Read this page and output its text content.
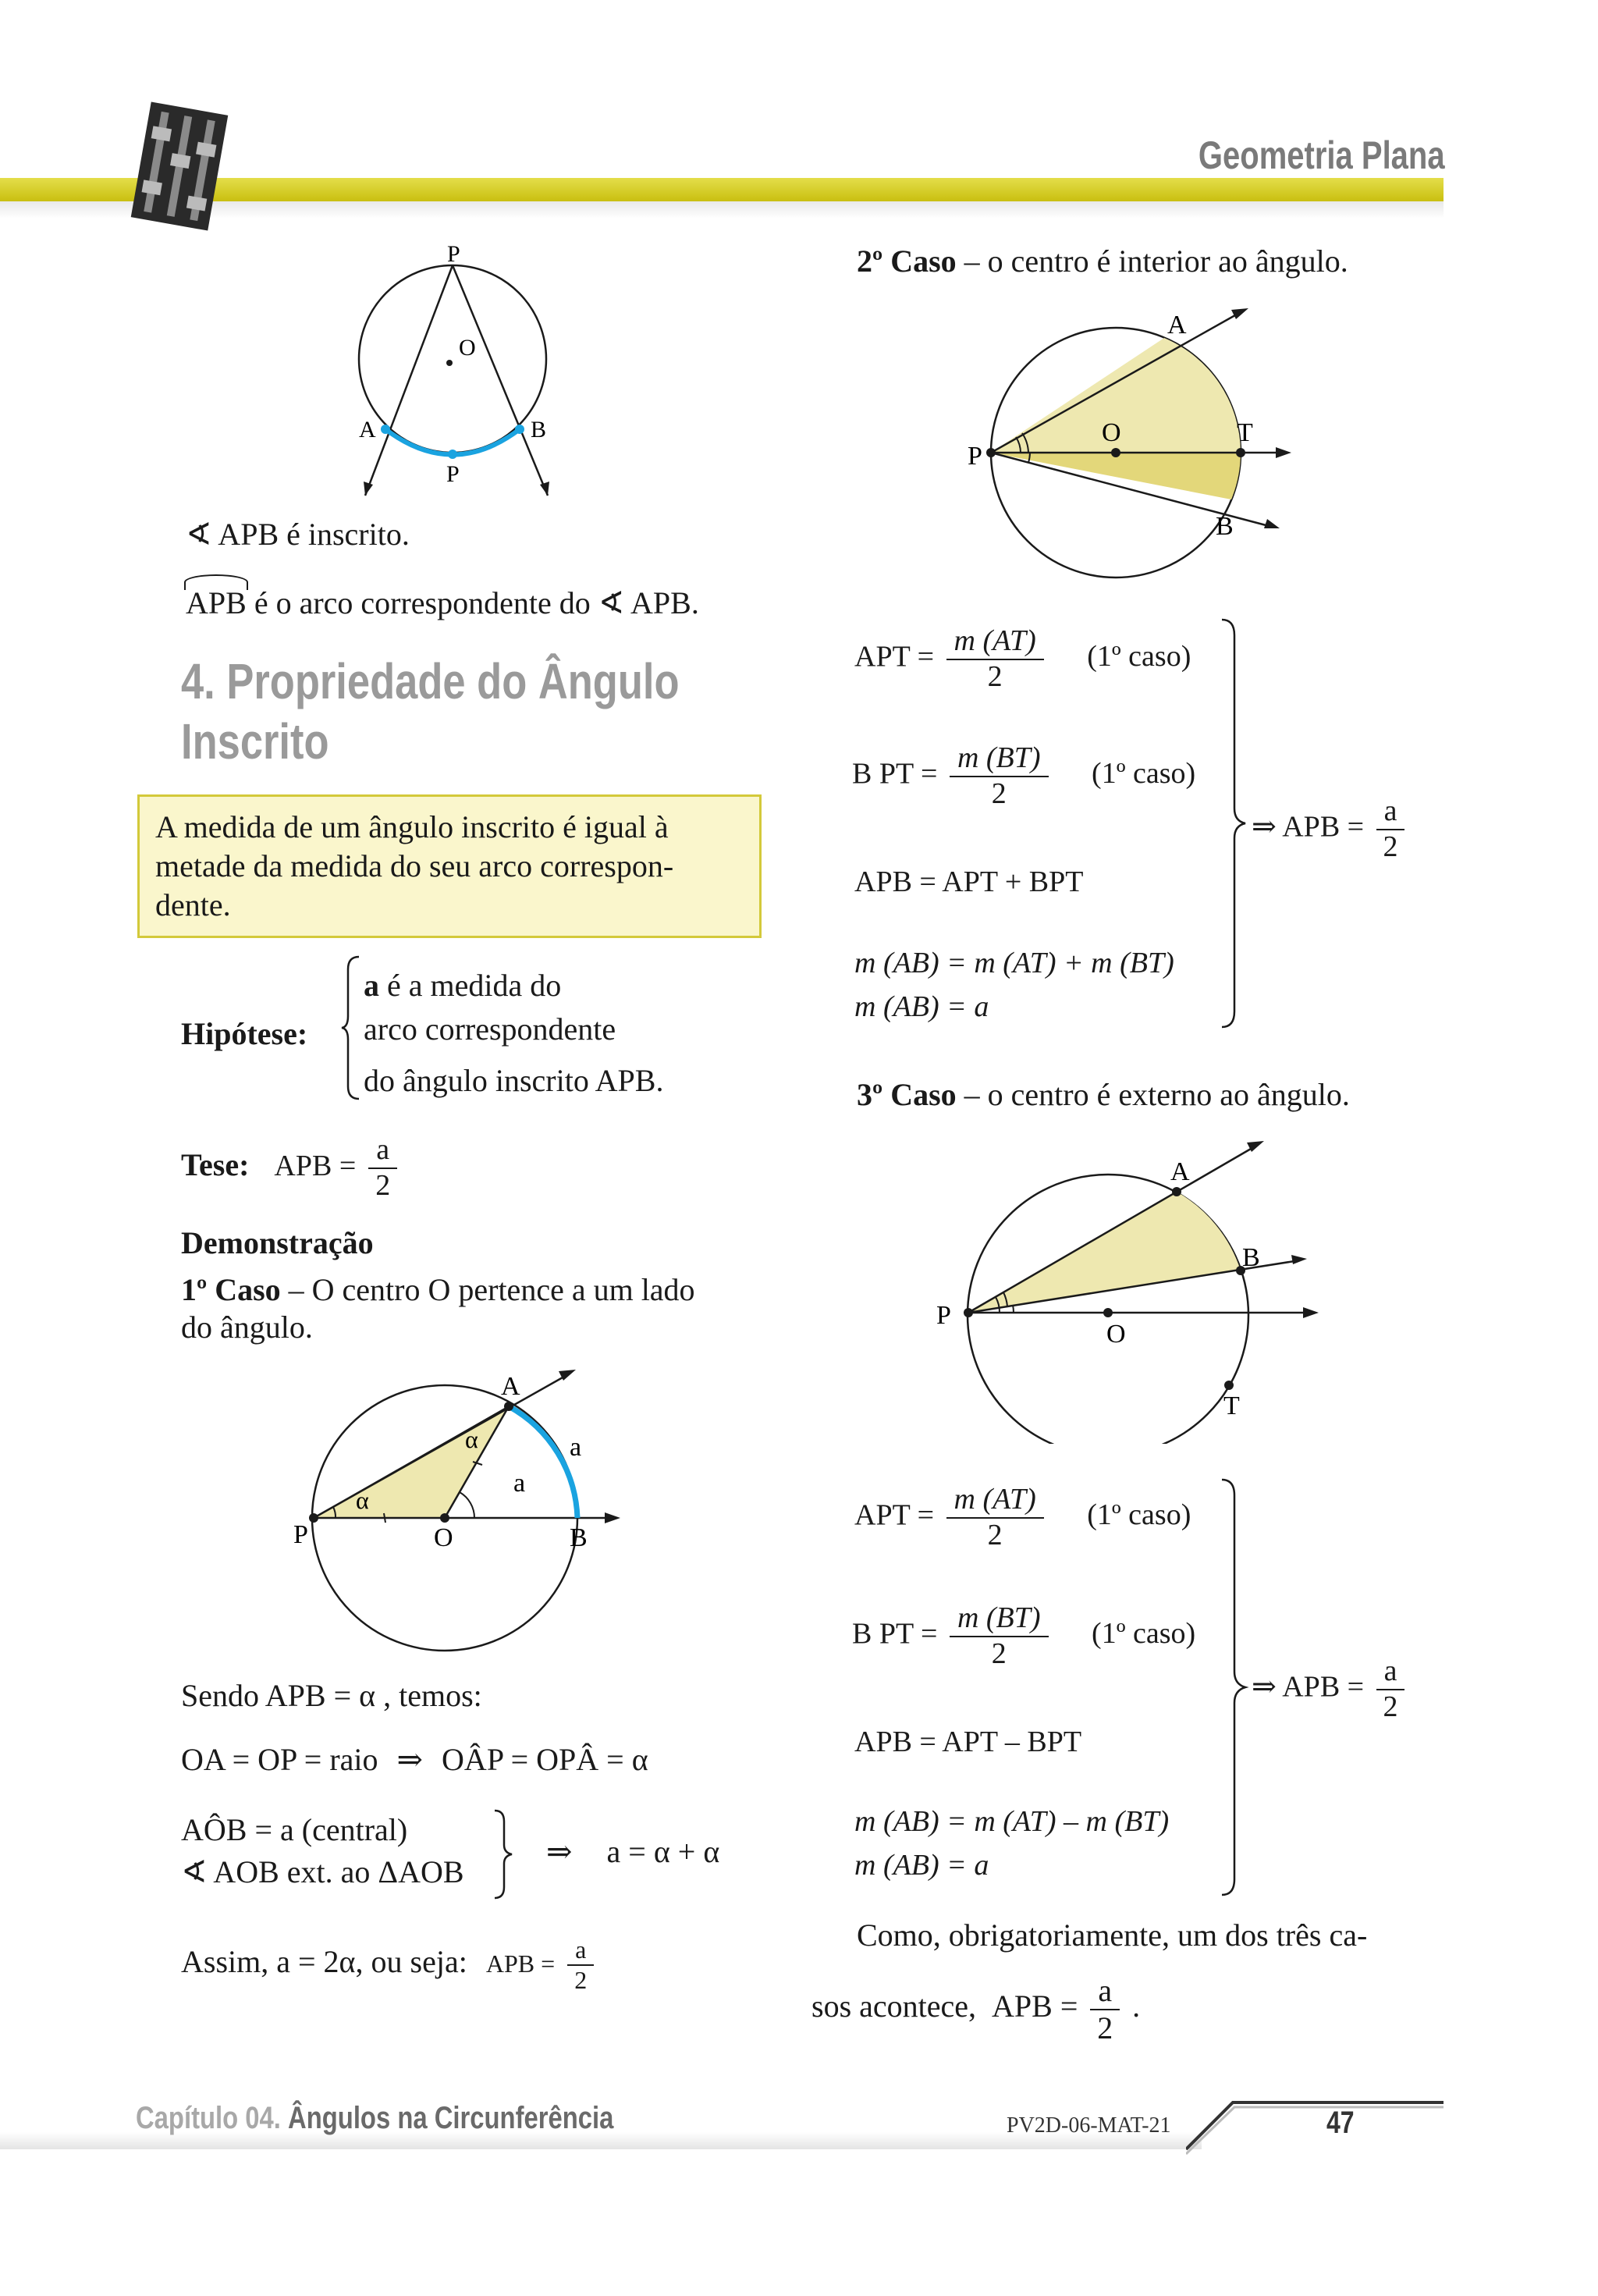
Geometria Plana
P
O
A	B
P
∢ APB é inscrito.
APB é o arco correspondente do ∢ APB.
4. Propriedade do Ângulo
Inscrito
A medida de um ângulo inscrito é igual à
metade da medida do seu arco correspon-
dente.
Hipótese:
a é a medida do
arco correspondente
do ângulo inscrito APB.
Tese: APB = $\frac{a}{2}$
Demonstração
1º Caso – O centro O pertence a um lado
do ângulo.
A
P	O	B
α
α
a
a
Sendo APB = α , temos:
OA = OP = raio ⇒ OÂP = OPÂ = α
AÔB = a (central)
∢ AOB ext. ao ΔAOB
⇒ a = α + α
Assim, a = 2α, ou seja: APB = $\frac{a}{2}$
2º Caso – o centro é interior ao ângulo.
A
P
O	T
B
APT = $\frac{m (AT)}{2}$ (1º caso)
B PT = $\frac{m (BT)}{2}$ (1º caso)
APB = APT + BPT
m (AB) = m (AT) + m (BT)
m (AB) = a
⇒ APB = $\frac{a}{2}$
3º Caso – o centro é externo ao ângulo.
A
B
P
O
T
APT = $\frac{m (AT)}{2}$ (1º caso)
B PT = $\frac{m (BT)}{2}$ (1º caso)
APB = APT – BPT
m (AB) = m (AT) – m (BT)
m (AB) = a
⇒ APB = $\frac{a}{2}$
Como, obrigatoriamente, um dos três ca-
sos acontece, APB = $\frac{a}{2}$ .
Capítulo 04. Ângulos na Circunferência	PV2D-06-MAT-21	47
